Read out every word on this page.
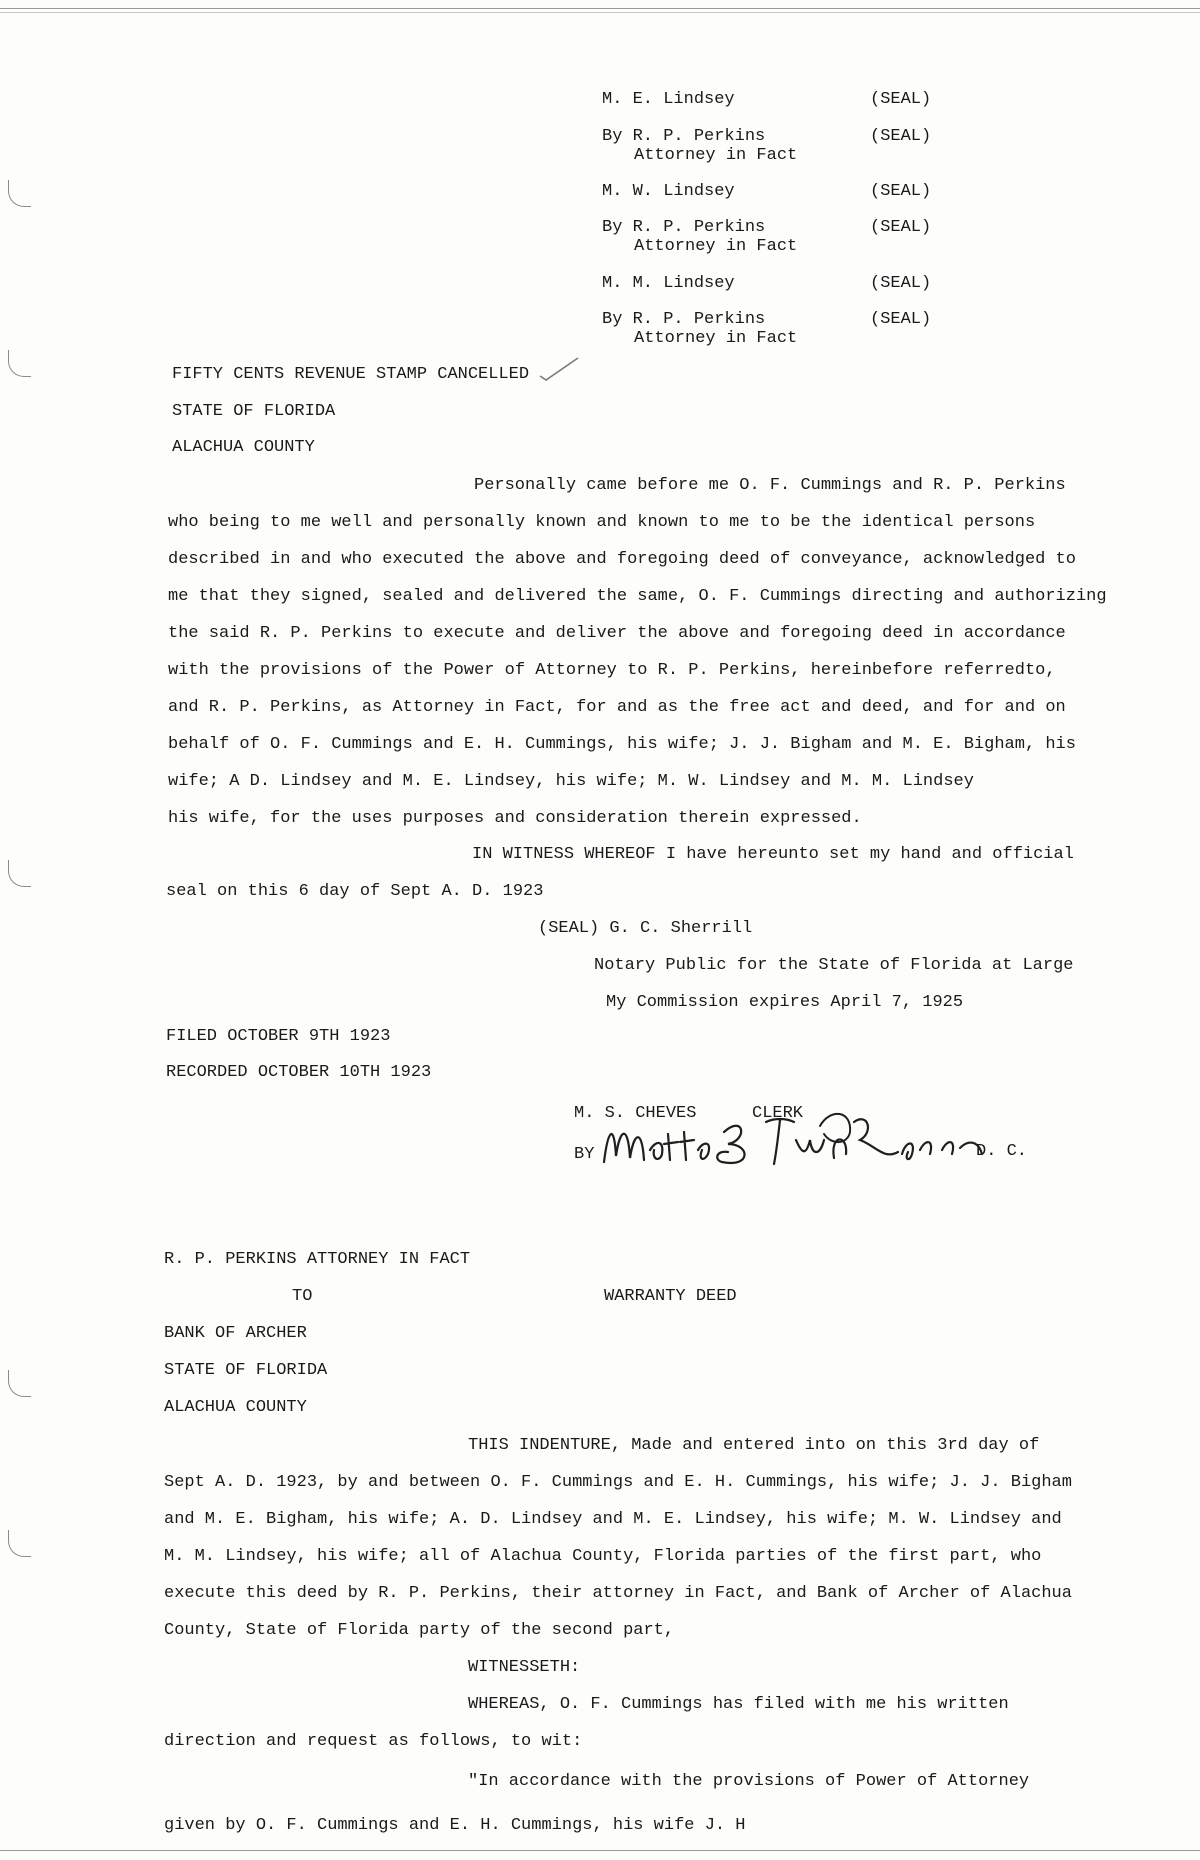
M. E. Lindsey	(SEAL)
By R. P. Perkins	(SEAL)
Attorney in Fact
M. W. Lindsey	(SEAL)
By R. P. Perkins	(SEAL)
Attorney in Fact
M. M. Lindsey	(SEAL)
By R. P. Perkins	(SEAL)
Attorney in Fact
FIFTY CENTS REVENUE STAMP CANCELLED
STATE OF FLORIDA
ALACHUA COUNTY
Personally came before me O. F. Cummings and R. P. Perkins
who being to me well and personally known and known to me to be the identical persons
described in and who executed the above and foregoing deed of conveyance, acknowledged to
me that they signed, sealed and delivered the same, O. F. Cummings directing and authorizing
the said R. P. Perkins to execute and deliver the above and foregoing deed in accordance
with the provisions of the Power of Attorney to R. P. Perkins, hereinbefore referredto,
and R. P. Perkins, as Attorney in Fact, for and as the free act and deed, and for and on
behalf of O. F. Cummings and E. H. Cummings, his wife; J. J. Bigham and M. E. Bigham, his
wife; A D. Lindsey and M. E. Lindsey, his wife; M. W. Lindsey and M. M. Lindsey
his wife, for the uses purposes and consideration therein expressed.
IN WITNESS WHEREOF I have hereunto set my hand and official
seal on this 6 day of Sept A. D. 1923
(SEAL) G. C. Sherrill
Notary Public for the State of Florida at Large
My Commission expires April 7, 1925
FILED OCTOBER 9TH 1923
RECORDED OCTOBER 10TH 1923
M. S. CHEVES	CLERK
BY	D. C.
R. P. PERKINS ATTORNEY IN FACT
TO	WARRANTY DEED
BANK OF ARCHER
STATE OF FLORIDA
ALACHUA COUNTY
THIS INDENTURE, Made and entered into on this 3rd day of
Sept A. D. 1923, by and between O. F. Cummings and E. H. Cummings, his wife; J. J. Bigham
and M. E. Bigham, his wife; A. D. Lindsey and M. E. Lindsey, his wife; M. W. Lindsey and
M. M. Lindsey, his wife; all of Alachua County, Florida parties of the first part, who
execute this deed by R. P. Perkins, their attorney in Fact, and Bank of Archer of Alachua
County, State of Florida party of the second part,
WITNESSETH:
WHEREAS, O. F. Cummings has filed with me his written
direction and request as follows, to wit:
"In accordance with the provisions of Power of Attorney
given by O. F. Cummings and E. H. Cummings, his wife J. H
